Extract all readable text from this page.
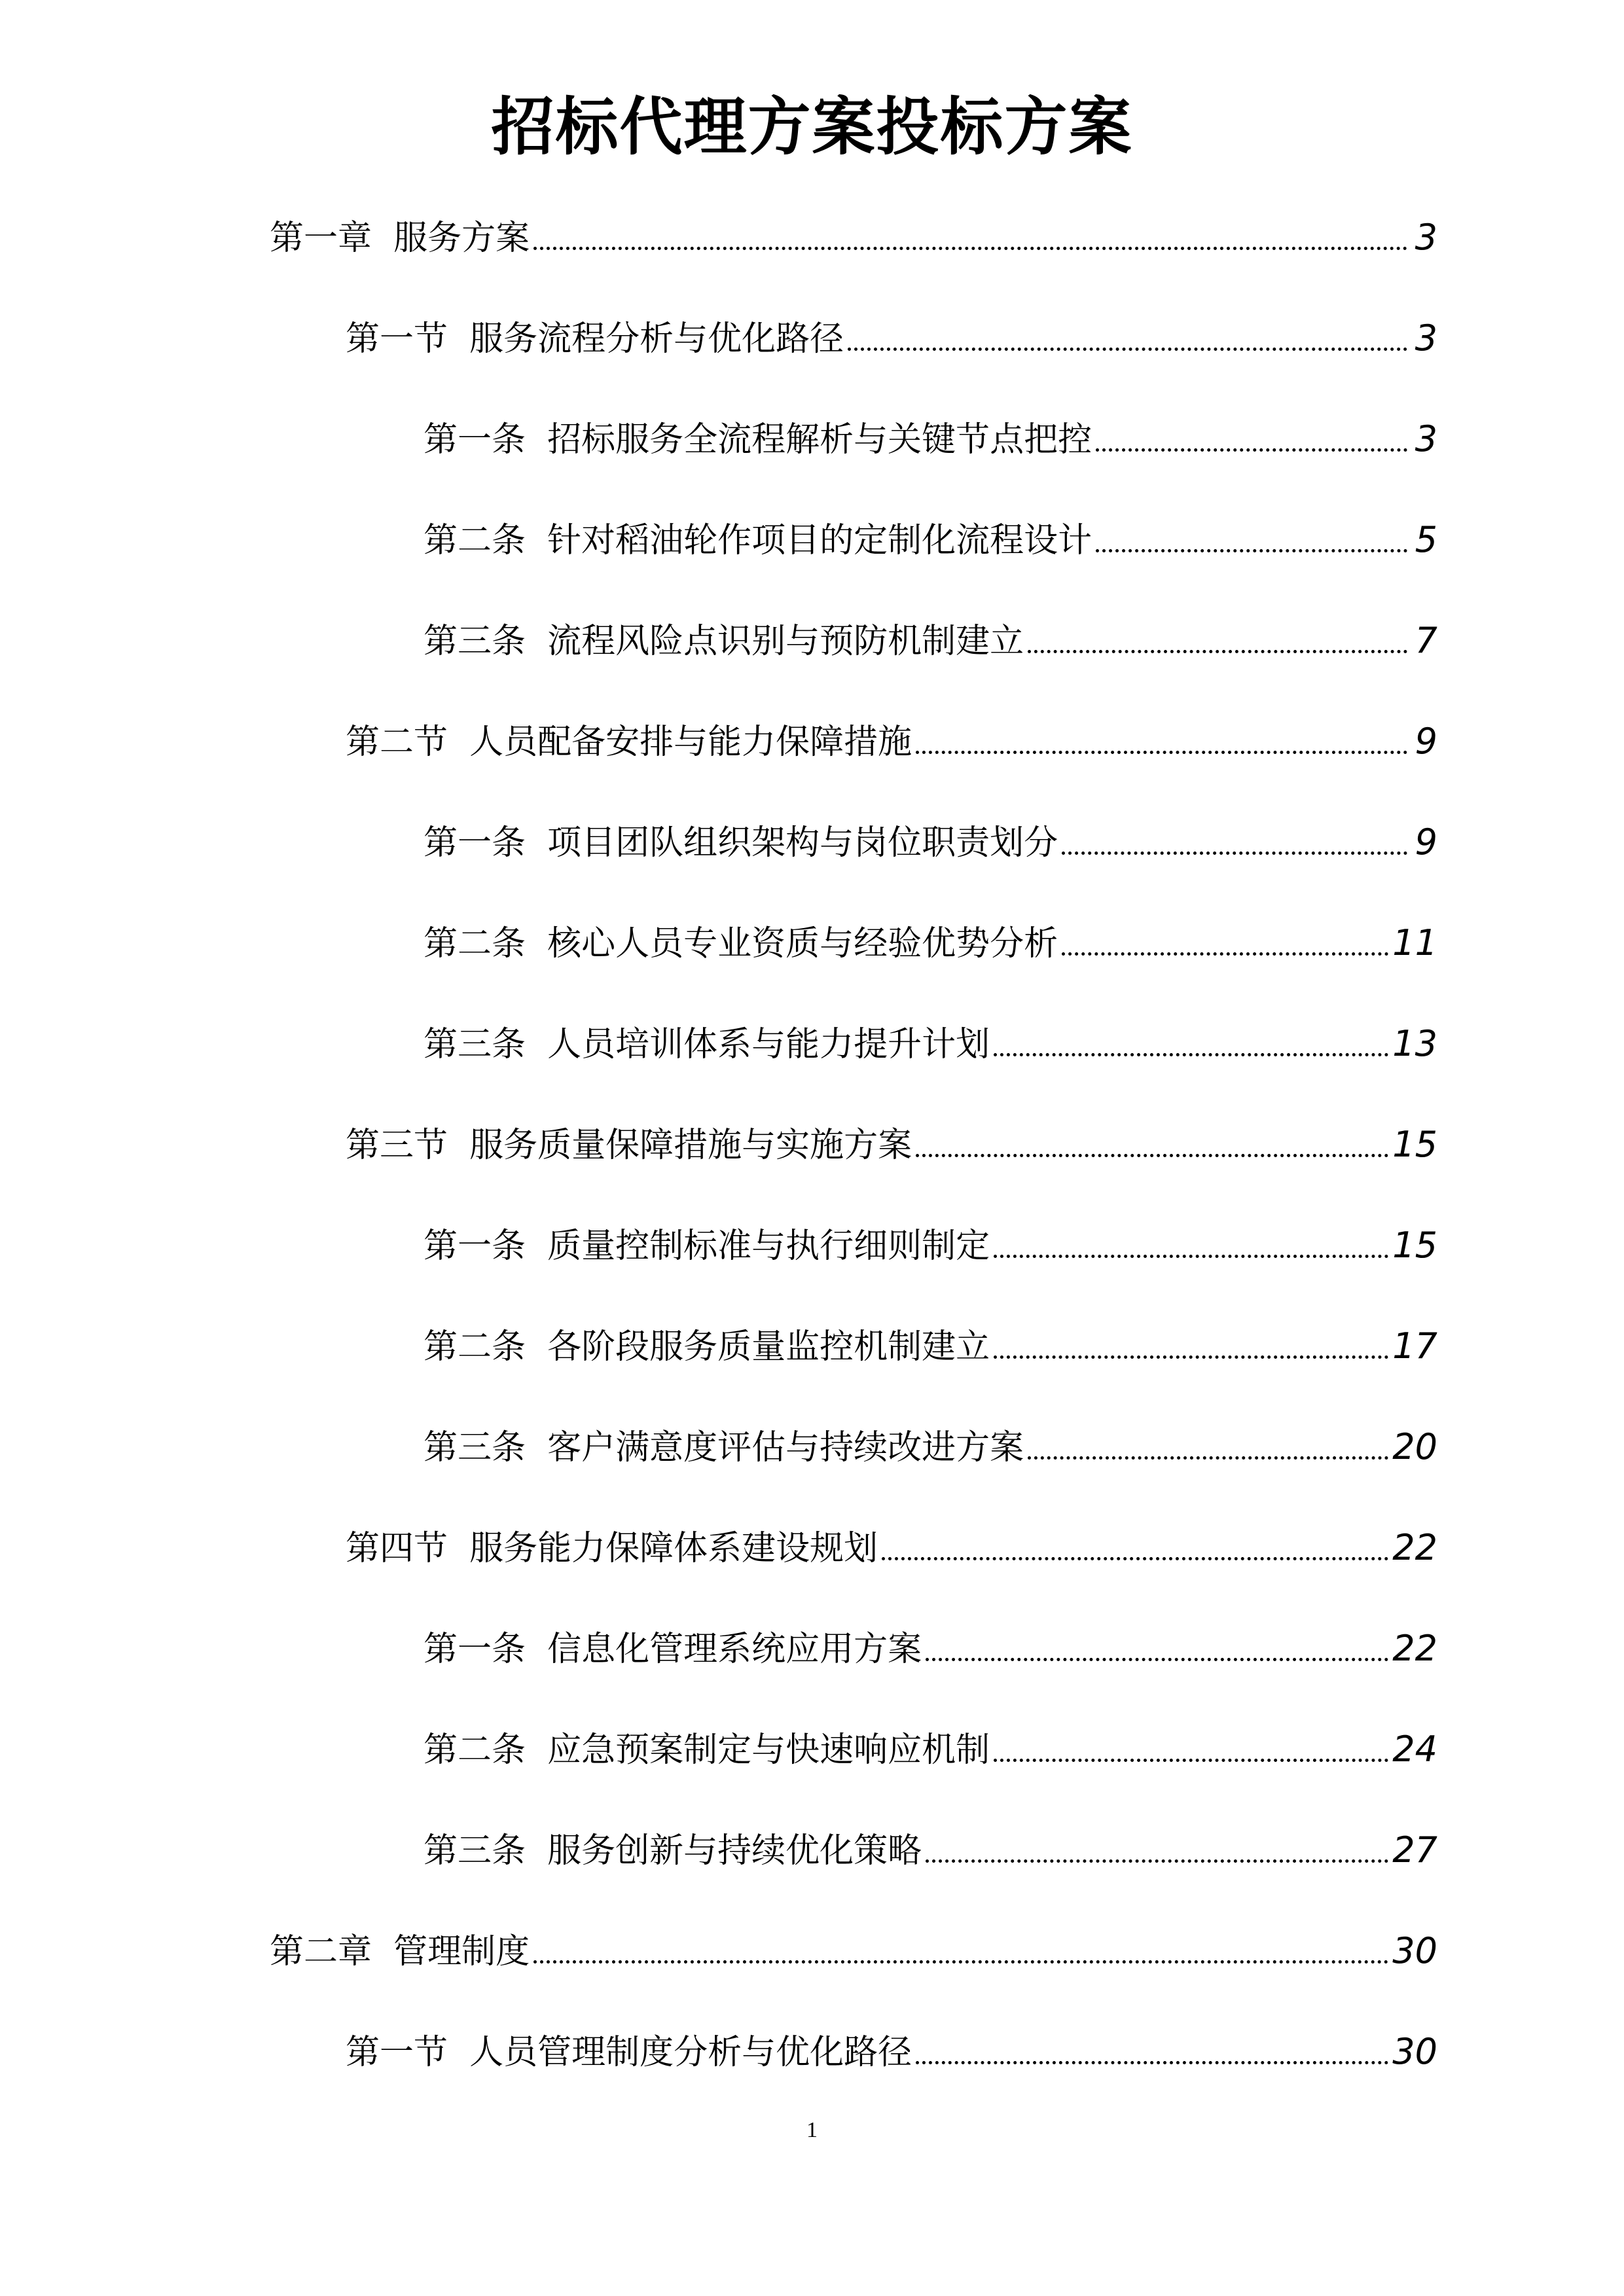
招标代理方案投标方案
第一章 服务方案	3
第一节 服务流程分析与优化路径	3
第一条 招标服务全流程解析与关键节点把控	3
第二条 针对稻油轮作项目的定制化流程设计	5
第三条 流程风险点识别与预防机制建立	7
第二节 人员配备安排与能力保障措施	9
第一条 项目团队组织架构与岗位职责划分	9
第二条 核心人员专业资质与经验优势分析	11
第三条 人员培训体系与能力提升计划	13
第三节 服务质量保障措施与实施方案	15
第一条 质量控制标准与执行细则制定	15
第二条 各阶段服务质量监控机制建立	17
第三条 客户满意度评估与持续改进方案	20
第四节 服务能力保障体系建设规划	22
第一条 信息化管理系统应用方案	22
第二条 应急预案制定与快速响应机制	24
第三条 服务创新与持续优化策略	27
第二章 管理制度	30
第一节 人员管理制度分析与优化路径	30
1
